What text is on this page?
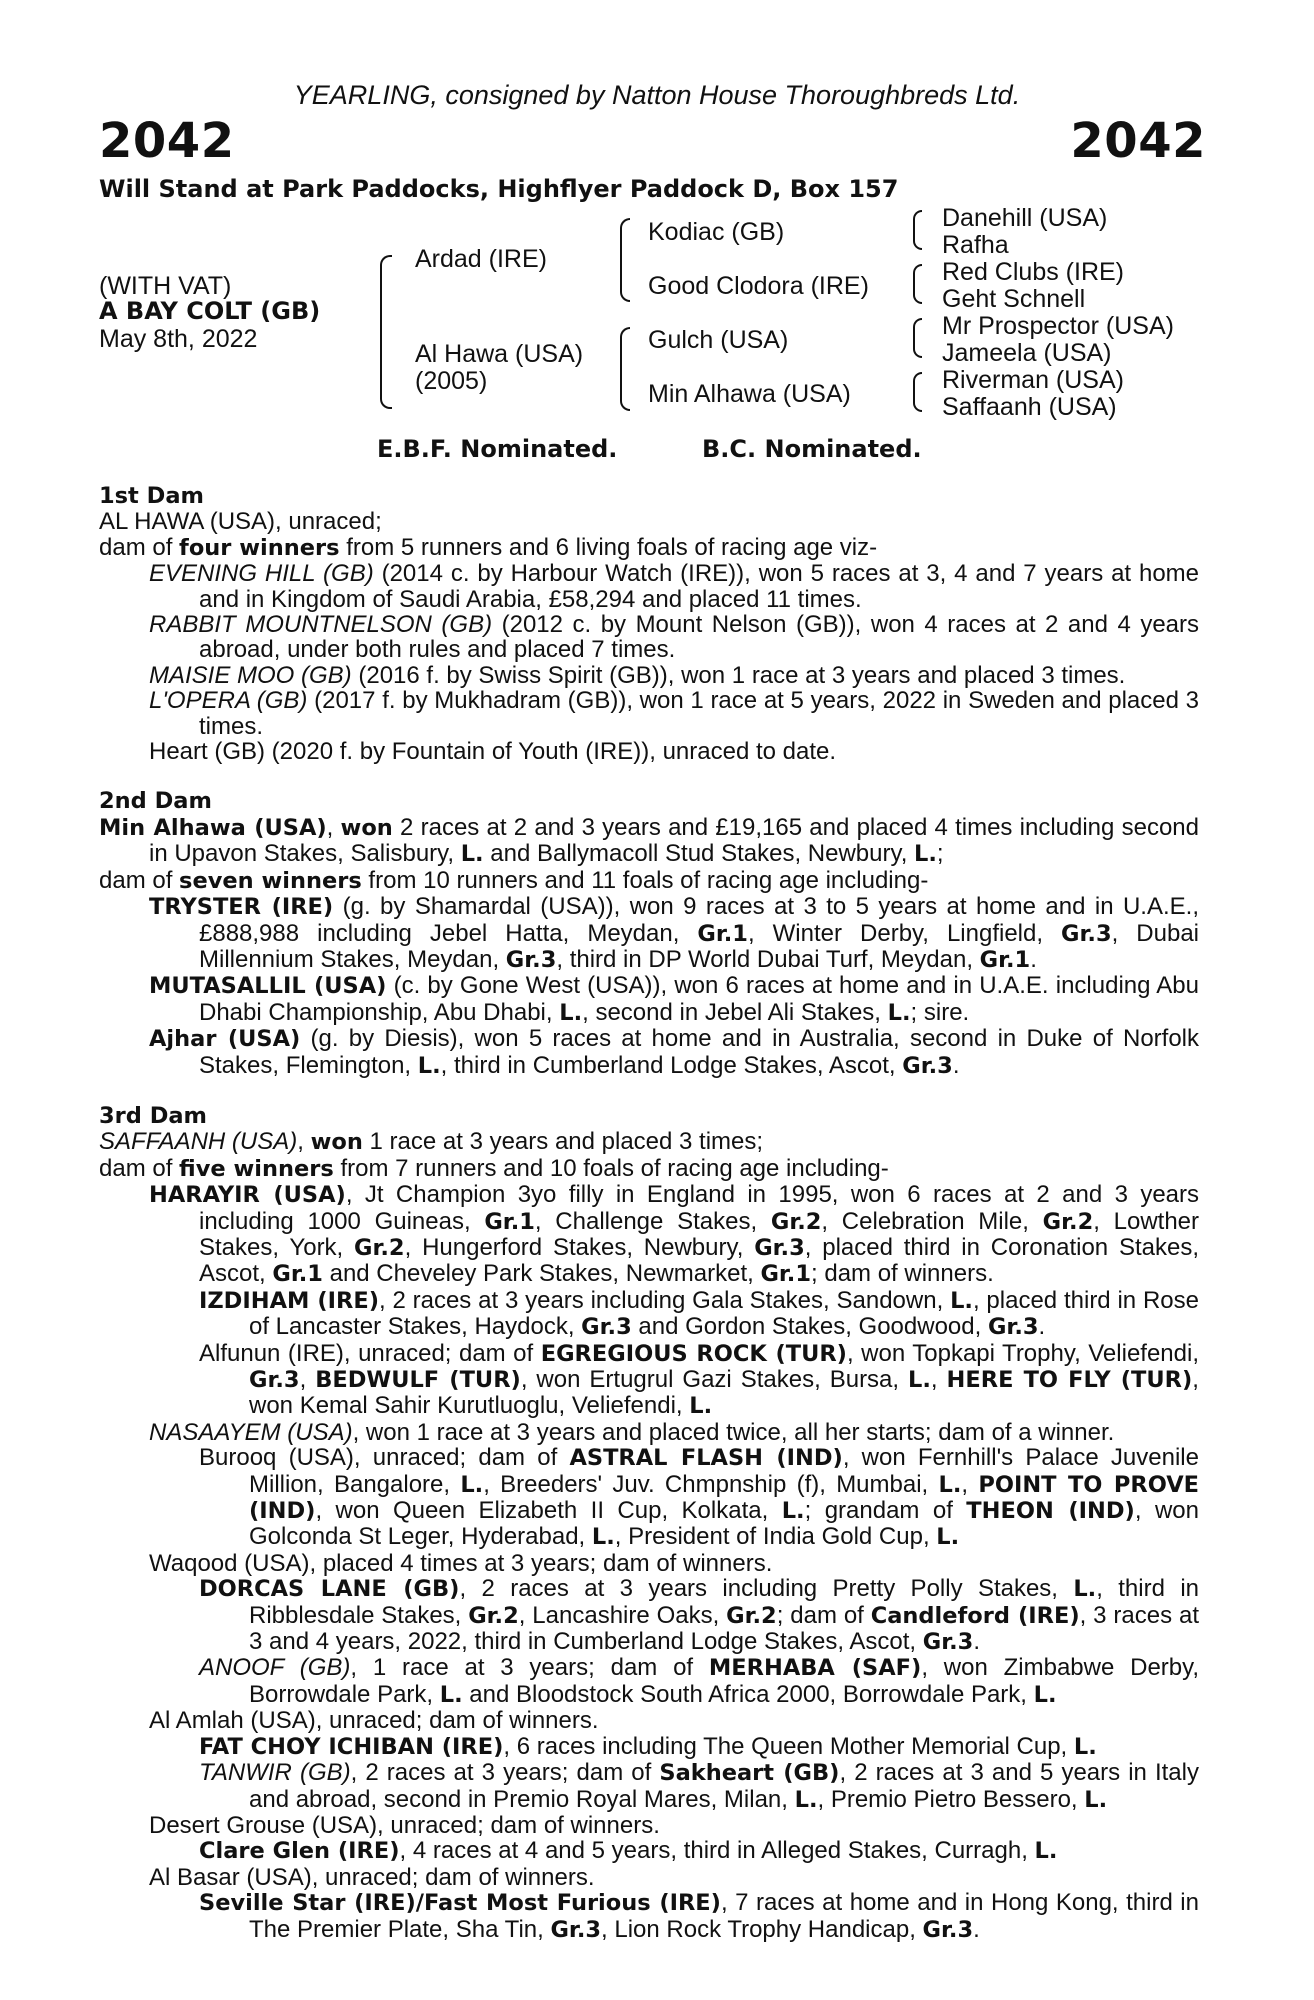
YEARLING, consigned by Natton House Thoroughbreds Ltd.
2042	2042
Will Stand at Park Paddocks, Highflyer Paddock D, Box 157
(WITH VAT)
A BAY COLT (GB)
May 8th, 2022
Ardad (IRE)
Al Hawa (USA)
(2005)
Kodiac (GB)
Good Clodora (IRE)
Gulch (USA)
Min Alhawa (USA)
Danehill (USA)
Rafha
Red Clubs (IRE)
Geht Schnell
Mr Prospector (USA)
Jameela (USA)
Riverman (USA)
Saffaanh (USA)
E.B.F. Nominated.	B.C. Nominated.
1st Dam
AL HAWA (USA), unraced;
dam of four winners from 5 runners and 6 living foals of racing age viz-
EVENING HILL (GB) (2014 c. by Harbour Watch (IRE)), won 5 races at 3, 4 and 7 years at home and in Kingdom of Saudi Arabia, £58,294 and placed 11 times.
RABBIT MOUNTNELSON (GB) (2012 c. by Mount Nelson (GB)), won 4 races at 2 and 4 years abroad, under both rules and placed 7 times.
MAISIE MOO (GB) (2016 f. by Swiss Spirit (GB)), won 1 race at 3 years and placed 3 times.
L'OPERA (GB) (2017 f. by Mukhadram (GB)), won 1 race at 5 years, 2022 in Sweden and placed 3 times.
Heart (GB) (2020 f. by Fountain of Youth (IRE)), unraced to date.
2nd Dam
Min Alhawa (USA), won 2 races at 2 and 3 years and £19,165 and placed 4 times including second in Upavon Stakes, Salisbury, L. and Ballymacoll Stud Stakes, Newbury, L.;
dam of seven winners from 10 runners and 11 foals of racing age including-
TRYSTER (IRE) (g. by Shamardal (USA)), won 9 races at 3 to 5 years at home and in U.A.E., £888,988 including Jebel Hatta, Meydan, Gr.1, Winter Derby, Lingfield, Gr.3, Dubai Millennium Stakes, Meydan, Gr.3, third in DP World Dubai Turf, Meydan, Gr.1.
MUTASALLIL (USA) (c. by Gone West (USA)), won 6 races at home and in U.A.E. including Abu Dhabi Championship, Abu Dhabi, L., second in Jebel Ali Stakes, L.; sire.
Ajhar (USA) (g. by Diesis), won 5 races at home and in Australia, second in Duke of Norfolk Stakes, Flemington, L., third in Cumberland Lodge Stakes, Ascot, Gr.3.
3rd Dam
SAFFAANH (USA), won 1 race at 3 years and placed 3 times;
dam of five winners from 7 runners and 10 foals of racing age including-
HARAYIR (USA), Jt Champion 3yo filly in England in 1995, won 6 races at 2 and 3 years including 1000 Guineas, Gr.1, Challenge Stakes, Gr.2, Celebration Mile, Gr.2, Lowther Stakes, York, Gr.2, Hungerford Stakes, Newbury, Gr.3, placed third in Coronation Stakes, Ascot, Gr.1 and Cheveley Park Stakes, Newmarket, Gr.1; dam of winners.
IZDIHAM (IRE), 2 races at 3 years including Gala Stakes, Sandown, L., placed third in Rose of Lancaster Stakes, Haydock, Gr.3 and Gordon Stakes, Goodwood, Gr.3.
Alfunun (IRE), unraced; dam of EGREGIOUS ROCK (TUR), won Topkapi Trophy, Veliefendi, Gr.3, BEDWULF (TUR), won Ertugrul Gazi Stakes, Bursa, L., HERE TO FLY (TUR), won Kemal Sahir Kurutluoglu, Veliefendi, L.
NASAAYEM (USA), won 1 race at 3 years and placed twice, all her starts; dam of a winner.
Burooq (USA), unraced; dam of ASTRAL FLASH (IND), won Fernhill's Palace Juvenile Million, Bangalore, L., Breeders' Juv. Chmpnship (f), Mumbai, L., POINT TO PROVE (IND), won Queen Elizabeth II Cup, Kolkata, L.; grandam of THEON (IND), won Golconda St Leger, Hyderabad, L., President of India Gold Cup, L.
Waqood (USA), placed 4 times at 3 years; dam of winners.
DORCAS LANE (GB), 2 races at 3 years including Pretty Polly Stakes, L., third in Ribblesdale Stakes, Gr.2, Lancashire Oaks, Gr.2; dam of Candleford (IRE), 3 races at 3 and 4 years, 2022, third in Cumberland Lodge Stakes, Ascot, Gr.3.
ANOOF (GB), 1 race at 3 years; dam of MERHABA (SAF), won Zimbabwe Derby, Borrowdale Park, L. and Bloodstock South Africa 2000, Borrowdale Park, L.
Al Amlah (USA), unraced; dam of winners.
FAT CHOY ICHIBAN (IRE), 6 races including The Queen Mother Memorial Cup, L.
TANWIR (GB), 2 races at 3 years; dam of Sakheart (GB), 2 races at 3 and 5 years in Italy and abroad, second in Premio Royal Mares, Milan, L., Premio Pietro Bessero, L.
Desert Grouse (USA), unraced; dam of winners.
Clare Glen (IRE), 4 races at 4 and 5 years, third in Alleged Stakes, Curragh, L.
Al Basar (USA), unraced; dam of winners.
Seville Star (IRE)/Fast Most Furious (IRE), 7 races at home and in Hong Kong, third in The Premier Plate, Sha Tin, Gr.3, Lion Rock Trophy Handicap, Gr.3.
